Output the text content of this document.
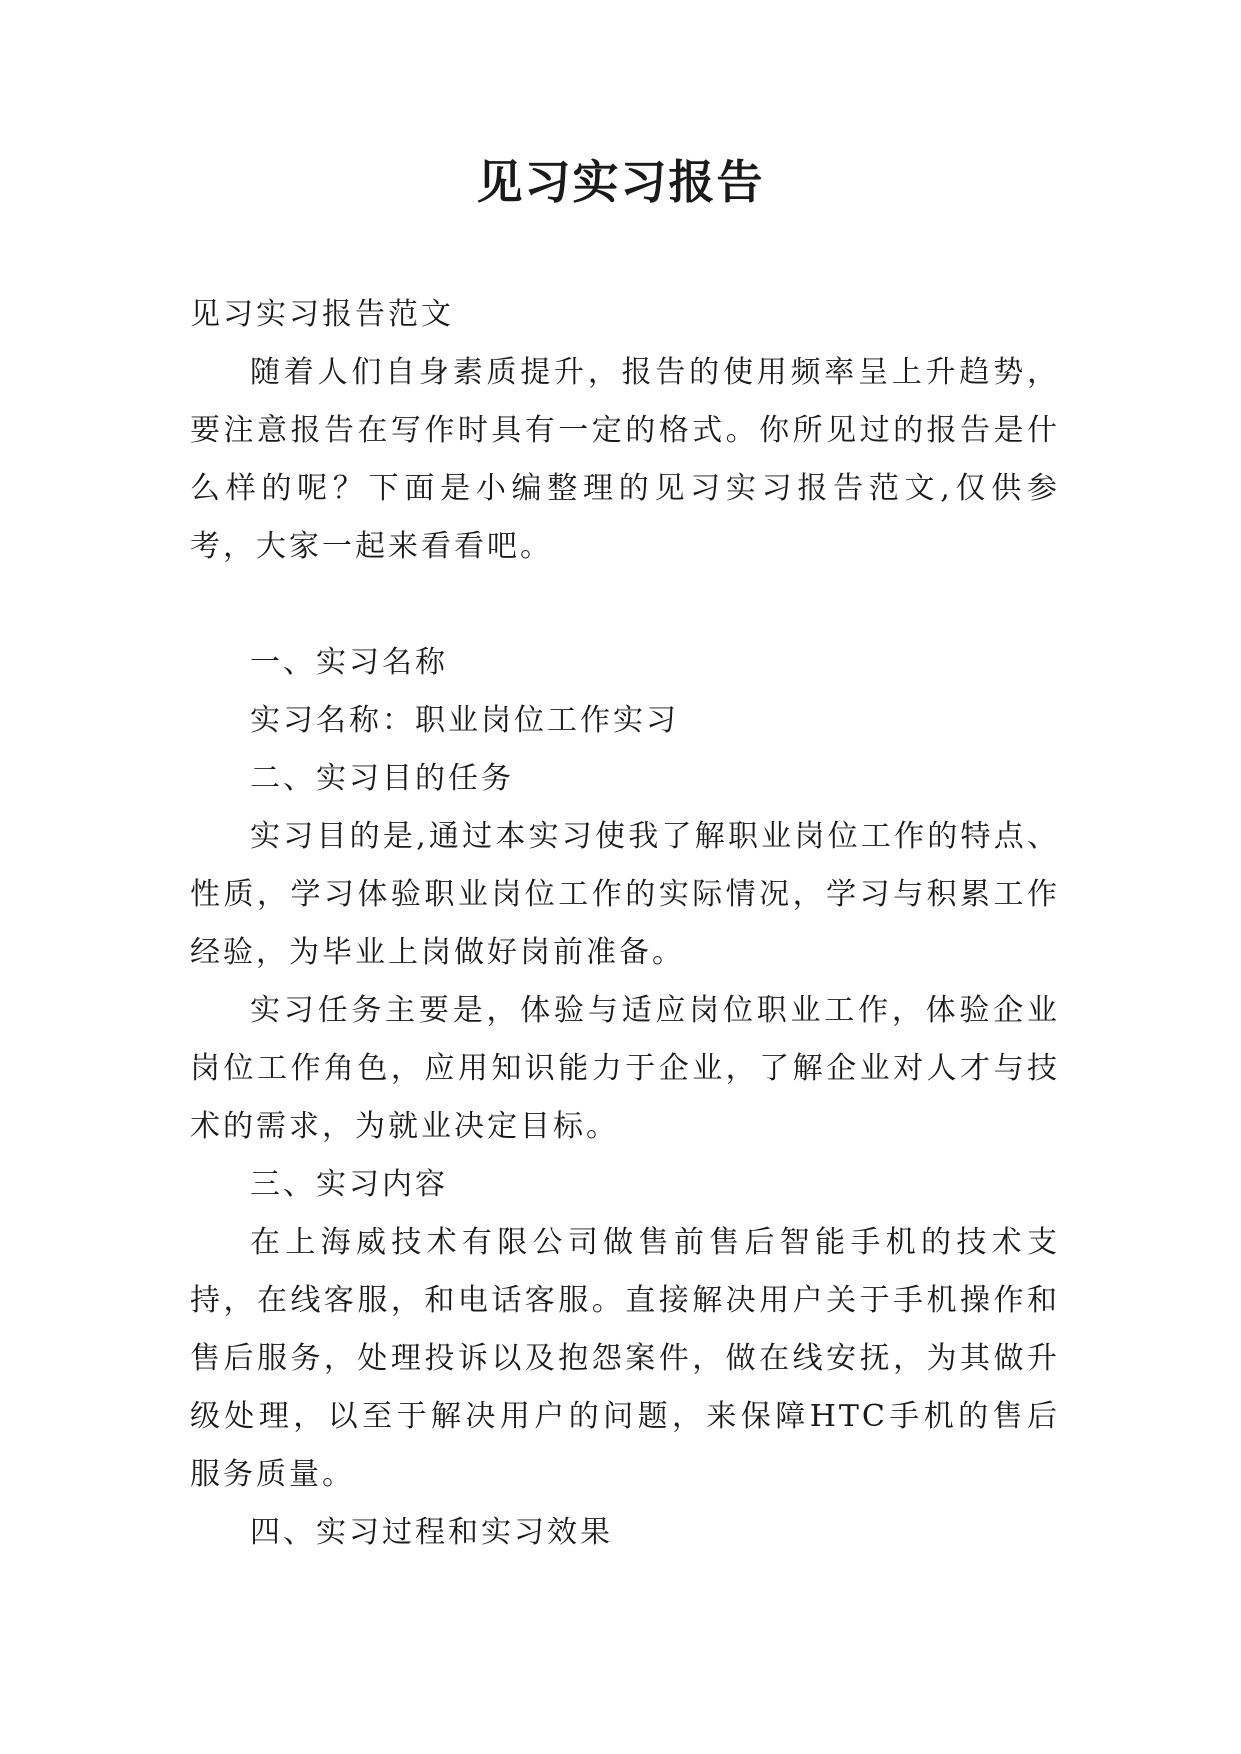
见习实习报告

见习实习报告范文

随着人们自身素质提升，报告的使用频率呈上升趋势，要注意报告在写作时具有一定的格式。你所见过的报告是什么样的呢？下面是小编整理的见习实习报告范文,仅供参考，大家一起来看看吧。

一、实习名称

实习名称：职业岗位工作实习

二、实习目的任务

实习目的是,通过本实习使我了解职业岗位工作的特点、性质，学习体验职业岗位工作的实际情况，学习与积累工作经验，为毕业上岗做好岗前准备。

实习任务主要是，体验与适应岗位职业工作，体验企业岗位工作角色，应用知识能力于企业，了解企业对人才与技术的需求，为就业决定目标。

三、实习内容

在上海威技术有限公司做售前售后智能手机的技术支持，在线客服，和电话客服。直接解决用户关于手机操作和售后服务，处理投诉以及抱怨案件，做在线安抚，为其做升级处理，以至于解决用户的问题，来保障HTC手机的售后服务质量。

四、实习过程和实习效果
